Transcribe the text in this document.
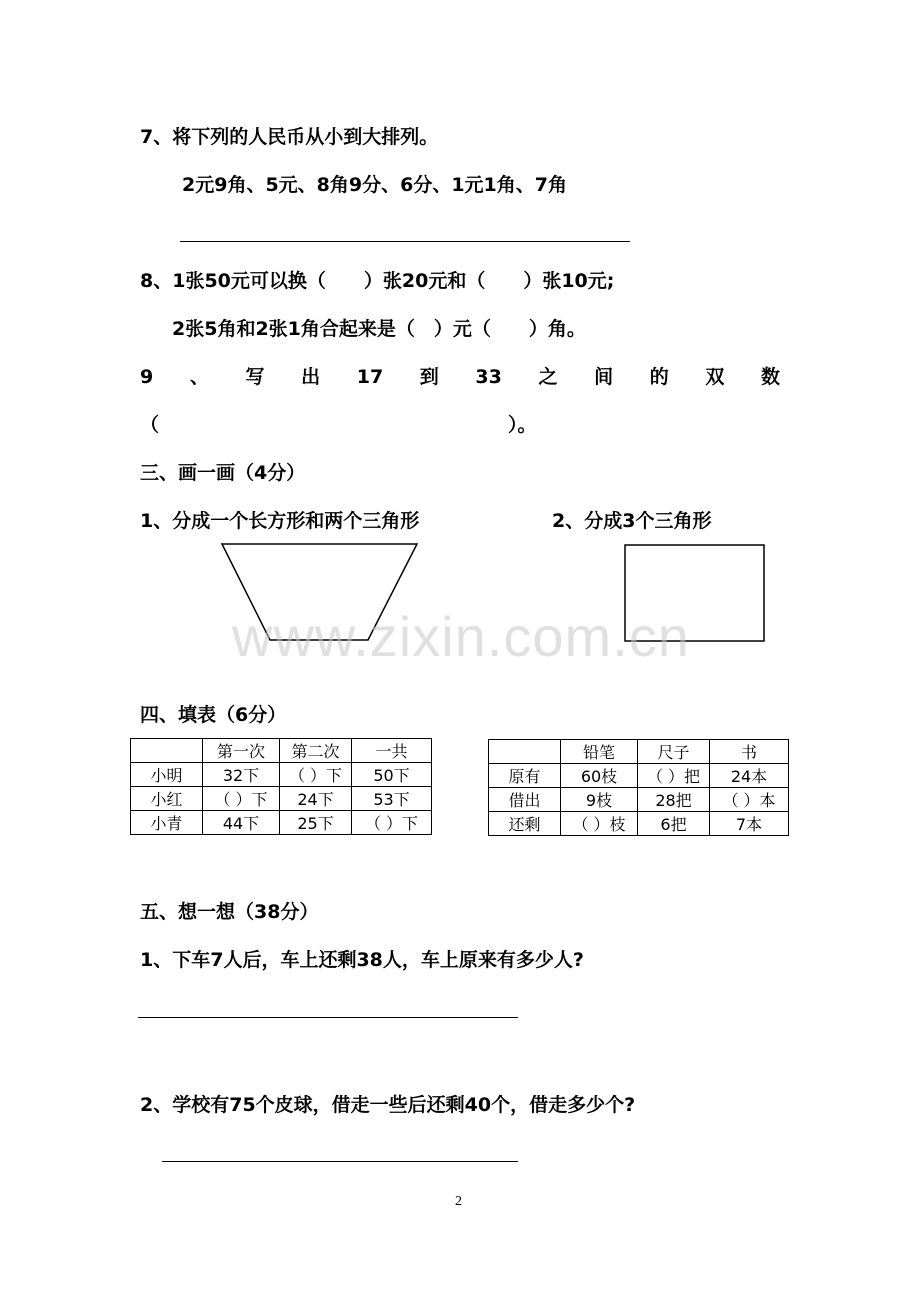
7、将下列的人民币从小到大排列。
2元9角、5元、8角9分、6分、1元1角、7角
8、1张50元可以换（　　）张20元和（　　）张10元;
2张5角和2张1角合起来是（　）元（　　）角。
9 、 写 出 17 到 33 之 间 的 双 数
（	）。
三、画一画（4分）
1、分成一个长方形和两个三角形	2、分成3个三角形
www.zixin.com.cn
四、填表（6分）
	第一次	第二次	一共
小明	32下	（ ）下	50下
小红	（ ）下	24下	53下
小青	44下	25下	（ ）下
	铅笔	尺子	书
原有	60枝	（ ）把	24本
借出	9枝	28把	（ ）本
还剩	（ ）枝	6把	7本
五、想一想（38分）
1、下车7人后，车上还剩38人，车上原来有多少人?
2、学校有75个皮球，借走一些后还剩40个，借走多少个?
2
